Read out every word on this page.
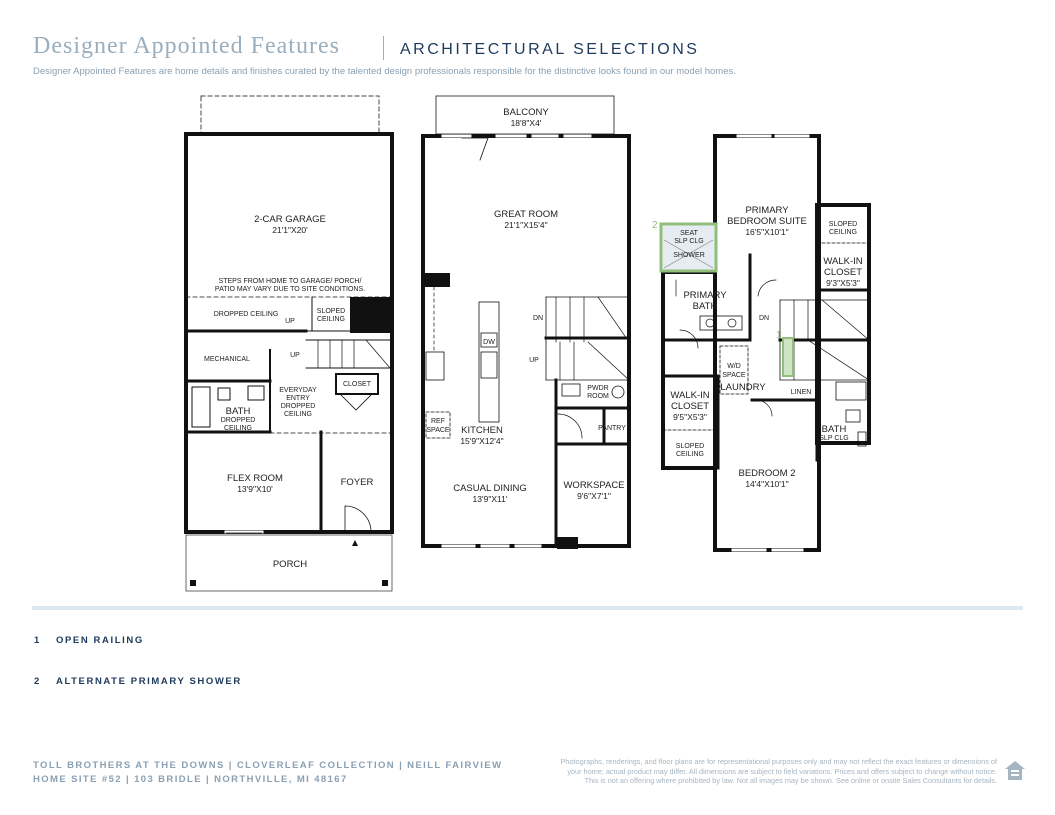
Designer Appointed Features	ARCHITECTURAL SELECTIONS
Designer Appointed Features are home details and finishes curated by the talented design professionals responsible for the distinctive looks found in our model homes.
2-CAR GARAGE
21'1"X20'
STEPS FROM HOME TO GARAGE/ PORCH/
PATIO MAY VARY DUE TO SITE CONDITIONS.
DROPPED CEILING
UP
SLOPED
CEILING
MECHANICAL
UP
CLOSET
BATH
DROPPED
CEILING
EVERYDAY
ENTRY
DROPPED
CEILING
FLEX ROOM
13'9"X10'
FOYER
PORCH
BALCONY
18'8"X4'
GREAT ROOM
21'1"X15'4"
DN
UP
DW
REF
SPACE KITCHEN
15'9"X12'4"
PWDR
ROOM
PANTRY
CASUAL DINING
13'9"X11'
WORKSPACE
9'6"X7'1"
2
1
SEAT
SLP CLG
SHOWER
PRIMARY
BEDROOM SUITE
16'5"X10'1"
SLOPED
CEILING
WALK-IN
CLOSET
9'3"X5'3"
PRIMARY
BATH
DN
W/D
SPACE
LAUNDRY	LINEN
WALK-IN
CLOSET
9'5"X5'3"
SLOPED
CEILING
BATH
SLP CLG
BEDROOM 2
14'4"X10'1"
1 OPEN RAILING
2 ALTERNATE PRIMARY SHOWER
TOLL BROTHERS AT THE DOWNS | CLOVERLEAF COLLECTION | NEILL FAIRVIEW
HOME SITE #52 | 103 BRIDLE | NORTHVILLE, MI 48167
Photographs, renderings, and floor plans are for representational purposes only and may not reflect the exact features or dimensions of
your home; actual product may differ. All dimensions are subject to field variations. Prices and offers subject to change without notice.
This is not an offering where prohibited by law. Not all images may be shown. See online or onsite Sales Consultants for details.
